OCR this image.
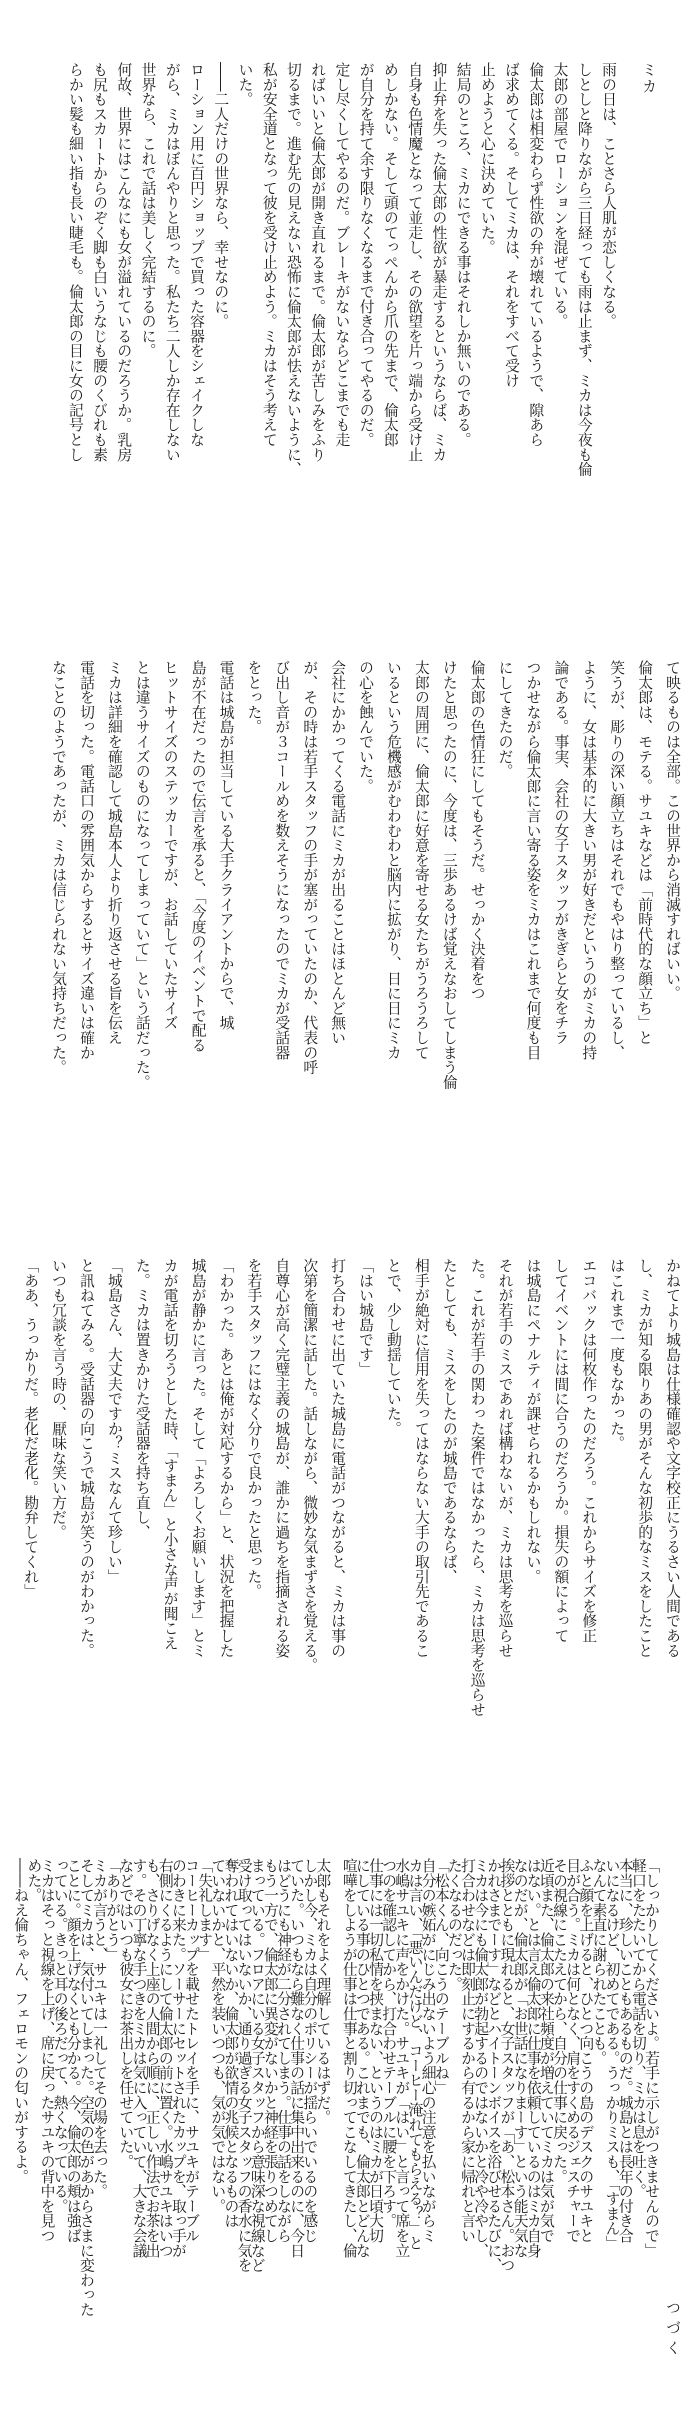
ミカ

雨の日は、ことさら人肌が恋しくなる。

しとしと降りながら三日経っても雨は止まず、ミカは今夜も倫

太郎の部屋でローションを混ぜている。

倫太郎は相変わらず性欲の弁が壊れているようで、隙あら

ば求めてくる。そしてミカは、それをすべて受け

止めようと心に決めていた。

結局のところ、ミカにできる事はそれしか無いのである。

抑止弁を失った倫太郎の性欲が暴走するというならば、ミカ

自身も色情魔となって並走し、その欲望を片っ端から受け止

めしかない。そして頭のてっぺんから爪の先まで、倫太郎

が自分を持て余す限りなくなるまで付き合ってやるのだ。

定し尽くしてやるのだ。ブレーキがないならどこまでも走

ればいいと倫太郎が開き直れるまで。倫太郎が苦しみをふり

切るまで。進む先の見えない恐怖に倫太郎が怯えないように、

私が安全道となって彼を受け止めよう。ミカはそう考えて

いた。

――二人だけの世界なら、幸せなのに。

ローション用に百円ショップで買った容器をシェイクしな

がら、ミカはぼんやりと思った。私たち二人しか存在しない

世界なら、これで話は美しく完結するのに。

何故、世界にはこんなにも女が溢れているのだろうか。乳房

も尻もスカートからのぞく脚も白いうなじも腰のくびれも素

らかい髪も細い指も長い睫毛も。倫太郎の目に女の記号とし

て映るものは全部。この世界から消滅すればいい。

倫太郎は、モテる。サユキなどは「前時代的な顔立ち」と

笑うが、彫りの深い顔立ちはそれでもやはり整っているし、

ように、女は基本的に大きい男が好きだというのがミカの持

論である。事実、会社の女子スタッフがきぎらと女をチラ

つかせながら倫太郎に言い寄る姿をミカはこれまで何度も目

にしてきたのだ。

倫太郎の色情狂にしてもそうだ。せっかく決着をつ

けたと思ったのに、今度は、三歩あるけば覚えなおしてしまう倫

太郎の周囲に、倫太郎に好意を寄せる女たちがうろうろして

いるという危機感がむわむわと脳内に拡がり、日に日にミカ

の心を蝕んでいた。

会社にかかってくる電話にミカが出ることはほとんど無い

が、その時は若手スタッフの手が塞がっていたのか、代表の呼

び出し音が３コールめを数えそうになったのでミカが受話器

をとった。

電話は城島が担当している大手クライアントからで、城

島が不在だったので伝言を承ると、「今度のイベントで配る

ヒットサイズのステッカーですが、お話していたサイズ

とは違うサイズのものになってしまっていて」という話だった。

ミカは詳細を確認して城島本人より折り返させる旨を伝え

電話を切った。電話口の雰囲気からするとサイズ違いは確か

なことのようであったが、ミカは信じられない気持ちだった。

かねてより城島は仕様確認や文字校正にうるさい人間である

し、ミカが知る限りあの男がそんな初歩的なミスをしたこと

はこれまで一度もなかった。

エコバックは何枚作ったのだろう。これからサイズを修正

してイベントには間に合うのだろうか。損失の額によって

は城島にペナルティが課せられるかもしれない。

それが若手のミスであれば構わないが、ミカは思考を巡らせ

た。これが若手の関わった案件ではなかったら、ミカは思考を巡らせ

たとしても、ミスをしたのが城島であるならば、

相手が絶対に信用を失ってはならない大手の取引先であるこ

とで、少し動揺していた。

「はい城島です」

打ち合わせに出ていた城島に電話がつながると、ミカは事の

次第を簡潔に話した。話しながら、微妙な気まずさを覚える。

自尊心が高く完璧主義の城島が、誰かに過ちを指摘される姿

を若手スタッフにはなく分りで良かったと思った。

「わかった。あとは俺が対応するから」と、状況を把握した

城島が静かに言った。そして「よろしくお願いします」とミ

カが電話を切ろうとした時、「すまん」と小さな声が聞こえ

た。ミカは置きかけた受話器を持ち直し、

「城島さん、大丈夫ですか？ミスなんて珍しい」

と訊ねてみる。受話器の向こうで城島が笑うのがわかった。

いつも冗談を言う時の、厭味な笑い方だ。

「ああ、うっかりだ。老化だ老化。勘弁してくれ」

「しっかりしてくださいよ。若手に示しがつきませんので」

軽口をたたいてから電話を切り、ミカは息を吐く。

本当に、珍しいこともあるものだ。城島とは長年の付き合

いになるけど、初めてである。うっかりミスも、「すまん」

なんて素直に謝られたことも。

ふと顔を上げると、ひとつ向こうの島のデスクのサユキと

目が合う。ミカは何となく、肩をすくめるジェスチャーで

その視線にこたえてから、自分の仕事に戻った。

近頃また、倫太郎の来社頻度が増えていてミカは気が気で

はない。とは言え倫太郎に仕事を依頼しているのはミカ自身

なのだが、倫太郎が「お世話になりまーす」という能天気な

挨拶とともに現れると、女子スタッフが「あ、松本さん。おつ

かれさまでーす」などとハイトーンボイスを浴びせるたびに、

ミカは今にも倫太郎が勃起するのではないかと冷や冷やし、

打合わせなどは即刻止にするから有るから家に帰れと言い

たくなるのだった。

「松本くん、向こうのテーブルね」

自分の嫉妬がにじみ出ないよう細心の注意を払いながらミ

カは言い、「悪いんだけど、コーヒー淹れてもらえる？」と

水嶋サユキに声をかけた。サユキが「はい」と言って席を立

つのを確認してから、打合わせテーブルに腰を下ろす。

仕事には一切私情を挟まない、というのはミカが日頃大切

にしている事のひとつである。これまでも、倫太郎とどんな

喧嘩をしようが仕事は仕事と割り切ってこなしてきたし、倫

つづく

太郎もそれをよく理解しているはずだ。

しかし今、ミカは自分のポリシーが揺らいでいるのを感じ

ていた。いつもなら難なく仕事の話に集中出来るのに、今日

はどうにも神経が二分されてしまう。仕事の話をしながら

もう一方で、倫太郎に異変がないかと神経を張りつめてし

まっている。フロアにいる女子スタッフから意味深な視線など

受け取ってはいないか、通り過ぎる女子スタッフの香水に気を

奪われてはいないか、倫太郎が欲情の兆候となるものは

ていないかと、平然を装いつつも、気が気ではない。

「失礼します」

コーヒーカップを載せたトレイを手に、サユキがテーブル

のわきに来た。ソーサーにセットされたカップを、取っ手が

右側にくるようにして倫太郎の前に置く。水嶋サユキはいつ

も、さりげなく上座の人間から順に、正しい作法でお茶を出

す。その丁寧な手つきをミカは気に入っていて、大きな会議

などではいつも彼女にお茶出しを任せていた。

「ありがとう」

ミカが言うと、サユキは一礼してその場を去った。

そしてミカは、気付いてしまった。空気の色があからさまに変わった

ことに。顔を上げなくとも分かる。今、倫太郎の頬は強ば

っている。きっと耳の後ろだって、熱くなっている。

ミカはそっと視線を上げ、席に戻ったサユキの背中を見つ

めた。

――ねえ倫ちゃん、フェロモンの匂いがするよ。
